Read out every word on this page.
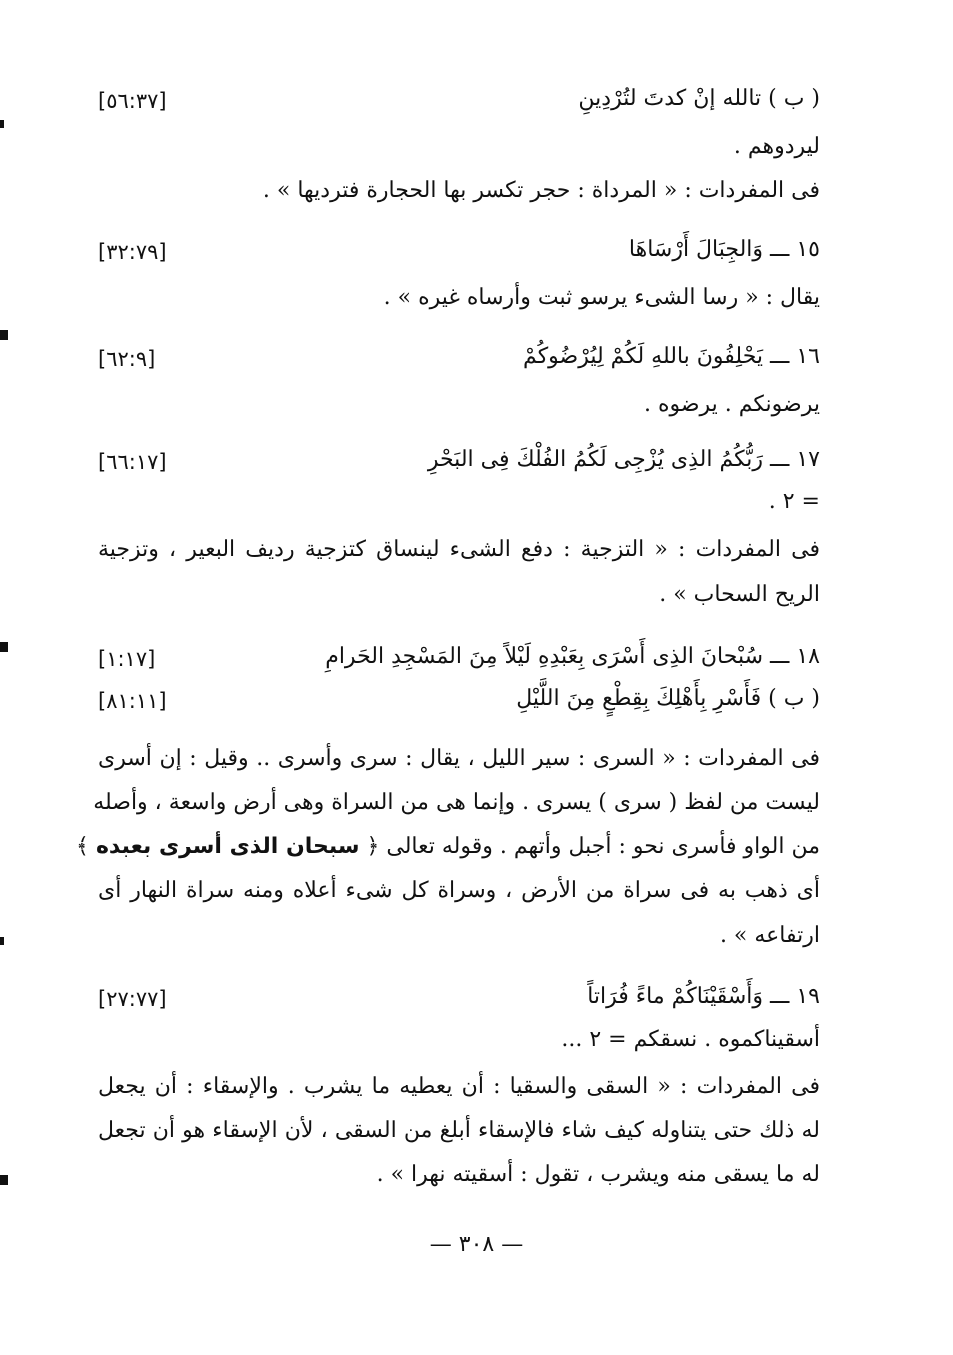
( ب ) تالله إنْ كدتَ لتُرْدِينِ
[٥٦:٣٧]
ليردوهم .
فى المفردات : « المرداة : حجر تكسر بها الحجارة فترديها » .
١٥ ـــ وَالجِبَالَ أَرْسَاهَا
[٣٢:٧٩]
يقال : « رسا الشىء يرسو ثبت وأرساه غيره » .
١٦ ـــ يَحْلِفُونَ باللهِ لَكُمْ لِيُرْضُوكُمْ
[٦٢:٩]
يرضونكم . يرضوه .
١٧ ـــ رَبُّكُمُ الذِى يُزْجِى لَكُمُ الفُلْكَ فِى البَحْرِ
[٦٦:١٧]
= ٢ .
فى المفردات : « التزجية : دفع الشىء لينساق كتزجية رديف البعير ، وتزجية
الريح السحاب » .
١٨ ـــ سُبْحانَ الذِى أَسْرَى بِعَبْدِهِ لَيْلاً مِنَ المَسْجِدِ الحَرامِ
[١:١٧]
( ب ) فَأَسْرِ بِأَهْلِكَ بِقِطْعٍ مِنَ اللَّيْلِ
[٨١:١١]
فى المفردات : « السرى : سير الليل ، يقال : سرى وأسرى .. وقيل : إن أسرى
ليست من لفظ ( سرى ) يسرى . وإنما هى من السراة وهى أرض واسعة ، وأصله
من الواو فأسرى نحو : أجبل وأتهم . وقوله تعالى ﴿ سبحان الذى أسرى بعبده ﴾
أى ذهب به فى سراة من الأرض ، وسراة كل شىء أعلاه ومنه سراة النهار أى
ارتفاعه » .
١٩ ـــ وَأَسْقَيْنَاكُمْ ماءً فُرَاتاً
[٢٧:٧٧]
أسقيناكموه . نسقكم = ٢ ...
فى المفردات : « السقى والسقيا : أن يعطيه ما يشرب . والإسقاء : أن يجعل
له ذلك حتى يتناوله كيف شاء فالإسقاء أبلغ من السقى ، لأن الإسقاء هو أن تجعل
له ما يسقى منه ويشرب ، تقول : أسقيته نهرا » .
— ٣٠٨ —
